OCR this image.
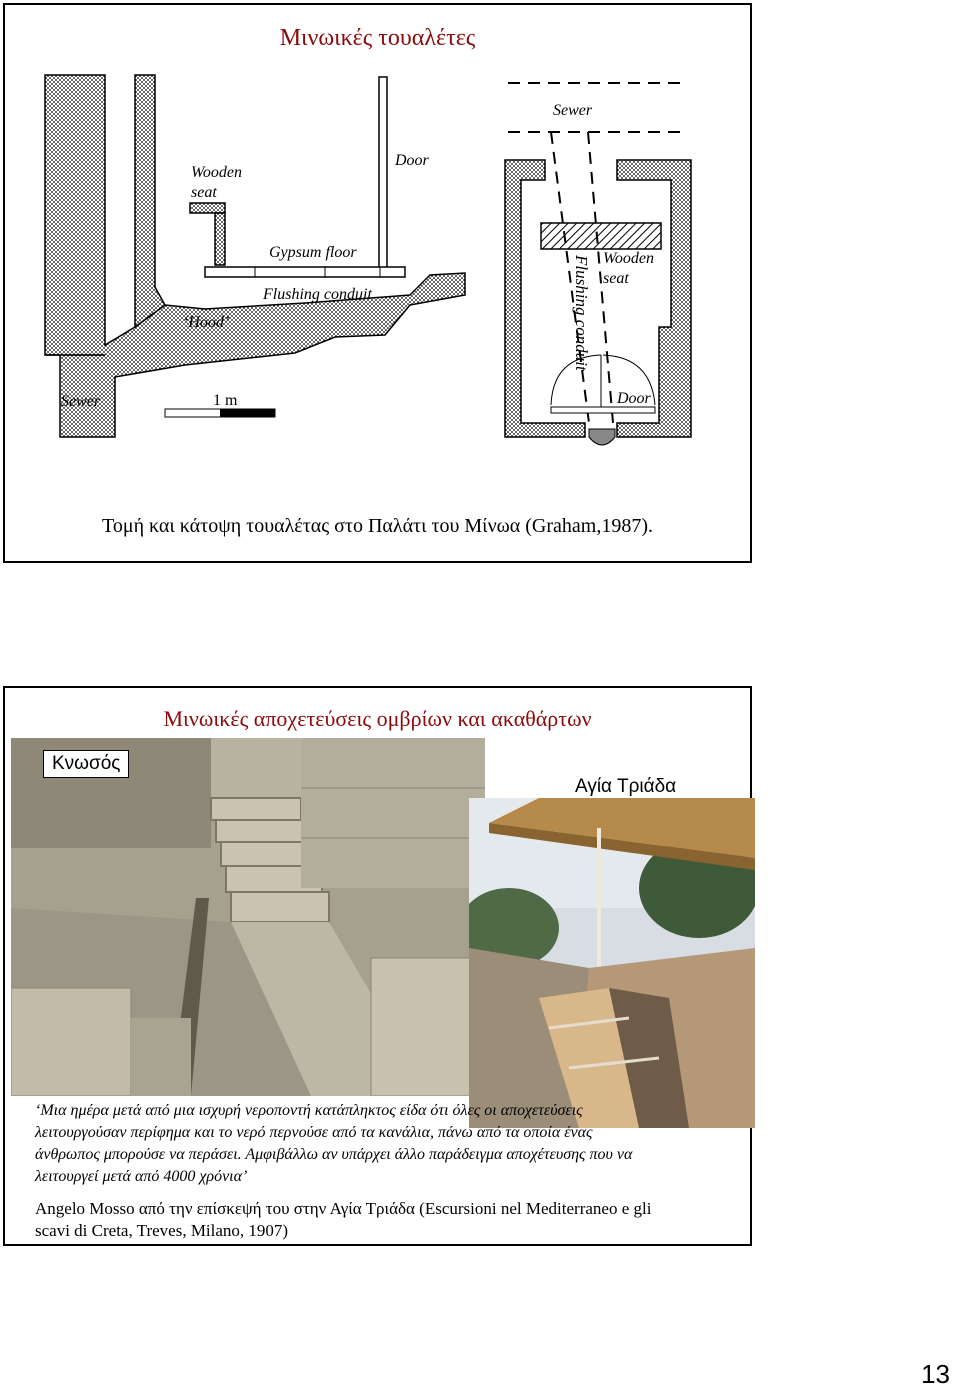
Μινωικές τουαλέτες
Wooden
seat
Door
Gypsum floor
Flushing conduit
‘Hood’
Sewer	1 m
Sewer
Wooden
seat
Flushing conduit
Door
Τομή και κάτοψη τουαλέτας στο Παλάτι του Μίνωα (Graham,1987).
Μινωικές αποχετεύσεις ομβρίων και ακαθάρτων
Κνωσός
Αγία Τριάδα
‘Μια ημέρα μετά από μια ισχυρή νεροποντή κατάπληκτος είδα ότι όλες οι αποχετεύσεις
λειτουργούσαν περίφημα και το νερό περνούσε από τα κανάλια, πάνω από τα οποία ένας
άνθρωπος μπορούσε να περάσει. Αμφιβάλλω αν υπάρχει άλλο παράδειγμα αποχέτευσης που να
λειτουργεί μετά από 4000 χρόνια’
Angelo Mosso από την επίσκεψή του στην Αγία Τριάδα (Escursioni nel Mediterraneo e gli
scavi di Creta, Treves, Milano, 1907)
13
